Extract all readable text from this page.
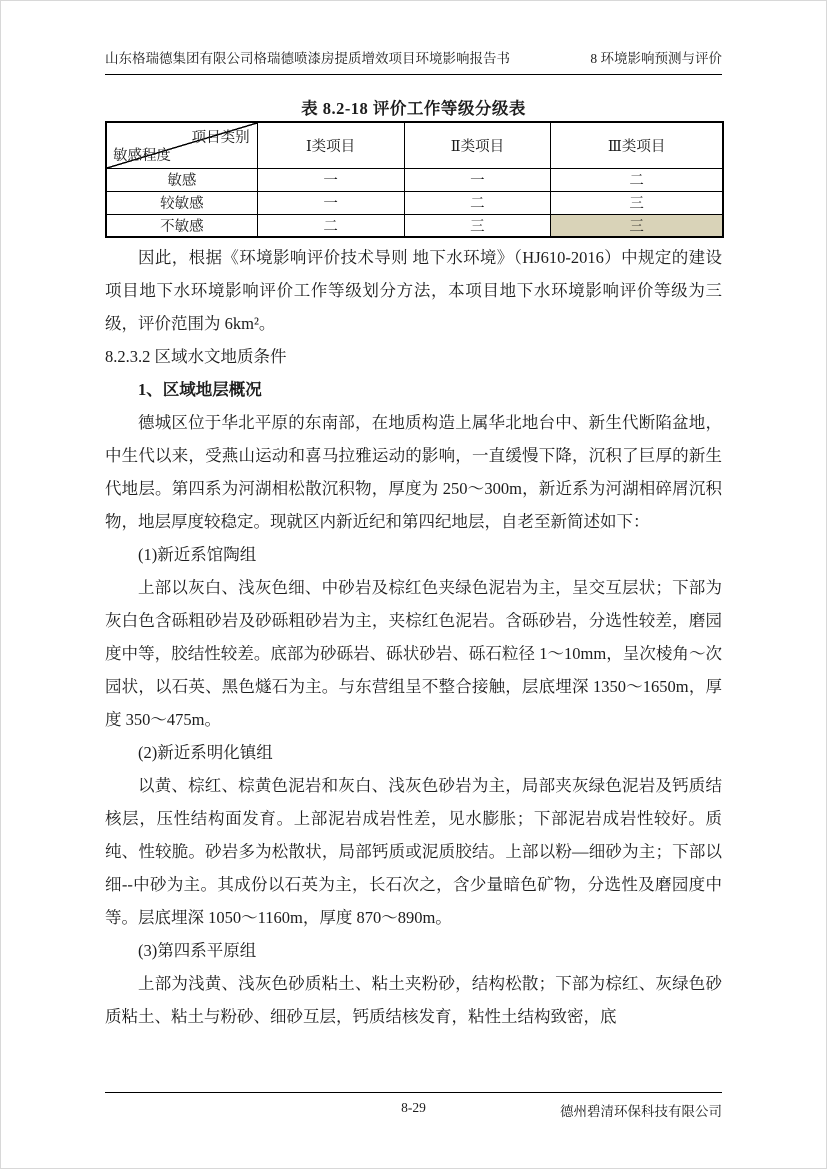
山东格瑞德集团有限公司格瑞德喷漆房提质增效项目环境影响报告书	8 环境影响预测与评价
表 8.2-18 评价工作等级分级表
项目类别
敏感程度	Ⅰ类项目	Ⅱ类项目	Ⅲ类项目
敏感	一	一	二
较敏感	一	二	三
不敏感	二	三	三

因此，根据《环境影响评价技术导则 地下水环境》（HJ610-2016）中规定的建设项目地下水环境影响评价工作等级划分方法，本项目地下水环境影响评价等级为三级，评价范围为 6km²。

8.2.3.2 区域水文地质条件

1、区域地层概况

德城区位于华北平原的东南部，在地质构造上属华北地台中、新生代断陷盆地，中生代以来，受燕山运动和喜马拉雅运动的影响，一直缓慢下降，沉积了巨厚的新生代地层。第四系为河湖相松散沉积物，厚度为 250～300m，新近系为河湖相碎屑沉积物，地层厚度较稳定。现就区内新近纪和第四纪地层，自老至新简述如下：

(1)新近系馆陶组

上部以灰白、浅灰色细、中砂岩及棕红色夹绿色泥岩为主，呈交互层状；下部为灰白色含砾粗砂岩及砂砾粗砂岩为主，夹棕红色泥岩。含砾砂岩，分选性较差，磨园度中等，胶结性较差。底部为砂砾岩、砾状砂岩、砾石粒径 1～10mm，呈次棱角～次园状，以石英、黑色燧石为主。与东营组呈不整合接触，层底埋深 1350～1650m，厚度 350～475m。

(2)新近系明化镇组

以黄、棕红、棕黄色泥岩和灰白、浅灰色砂岩为主，局部夹灰绿色泥岩及钙质结核层，压性结构面发育。上部泥岩成岩性差，见水膨胀；下部泥岩成岩性较好。质纯、性较脆。砂岩多为松散状，局部钙质或泥质胶结。上部以粉—细砂为主；下部以细--中砂为主。其成份以石英为主，长石次之，含少量暗色矿物，分选性及磨园度中等。层底埋深 1050～1160m，厚度 870～890m。

(3)第四系平原组

上部为浅黄、浅灰色砂质粘土、粘土夹粉砂，结构松散；下部为棕红、灰绿色砂质粘土、粘土与粉砂、细砂互层，钙质结核发育，粘性土结构致密，底

8-29	德州碧清环保科技有限公司
